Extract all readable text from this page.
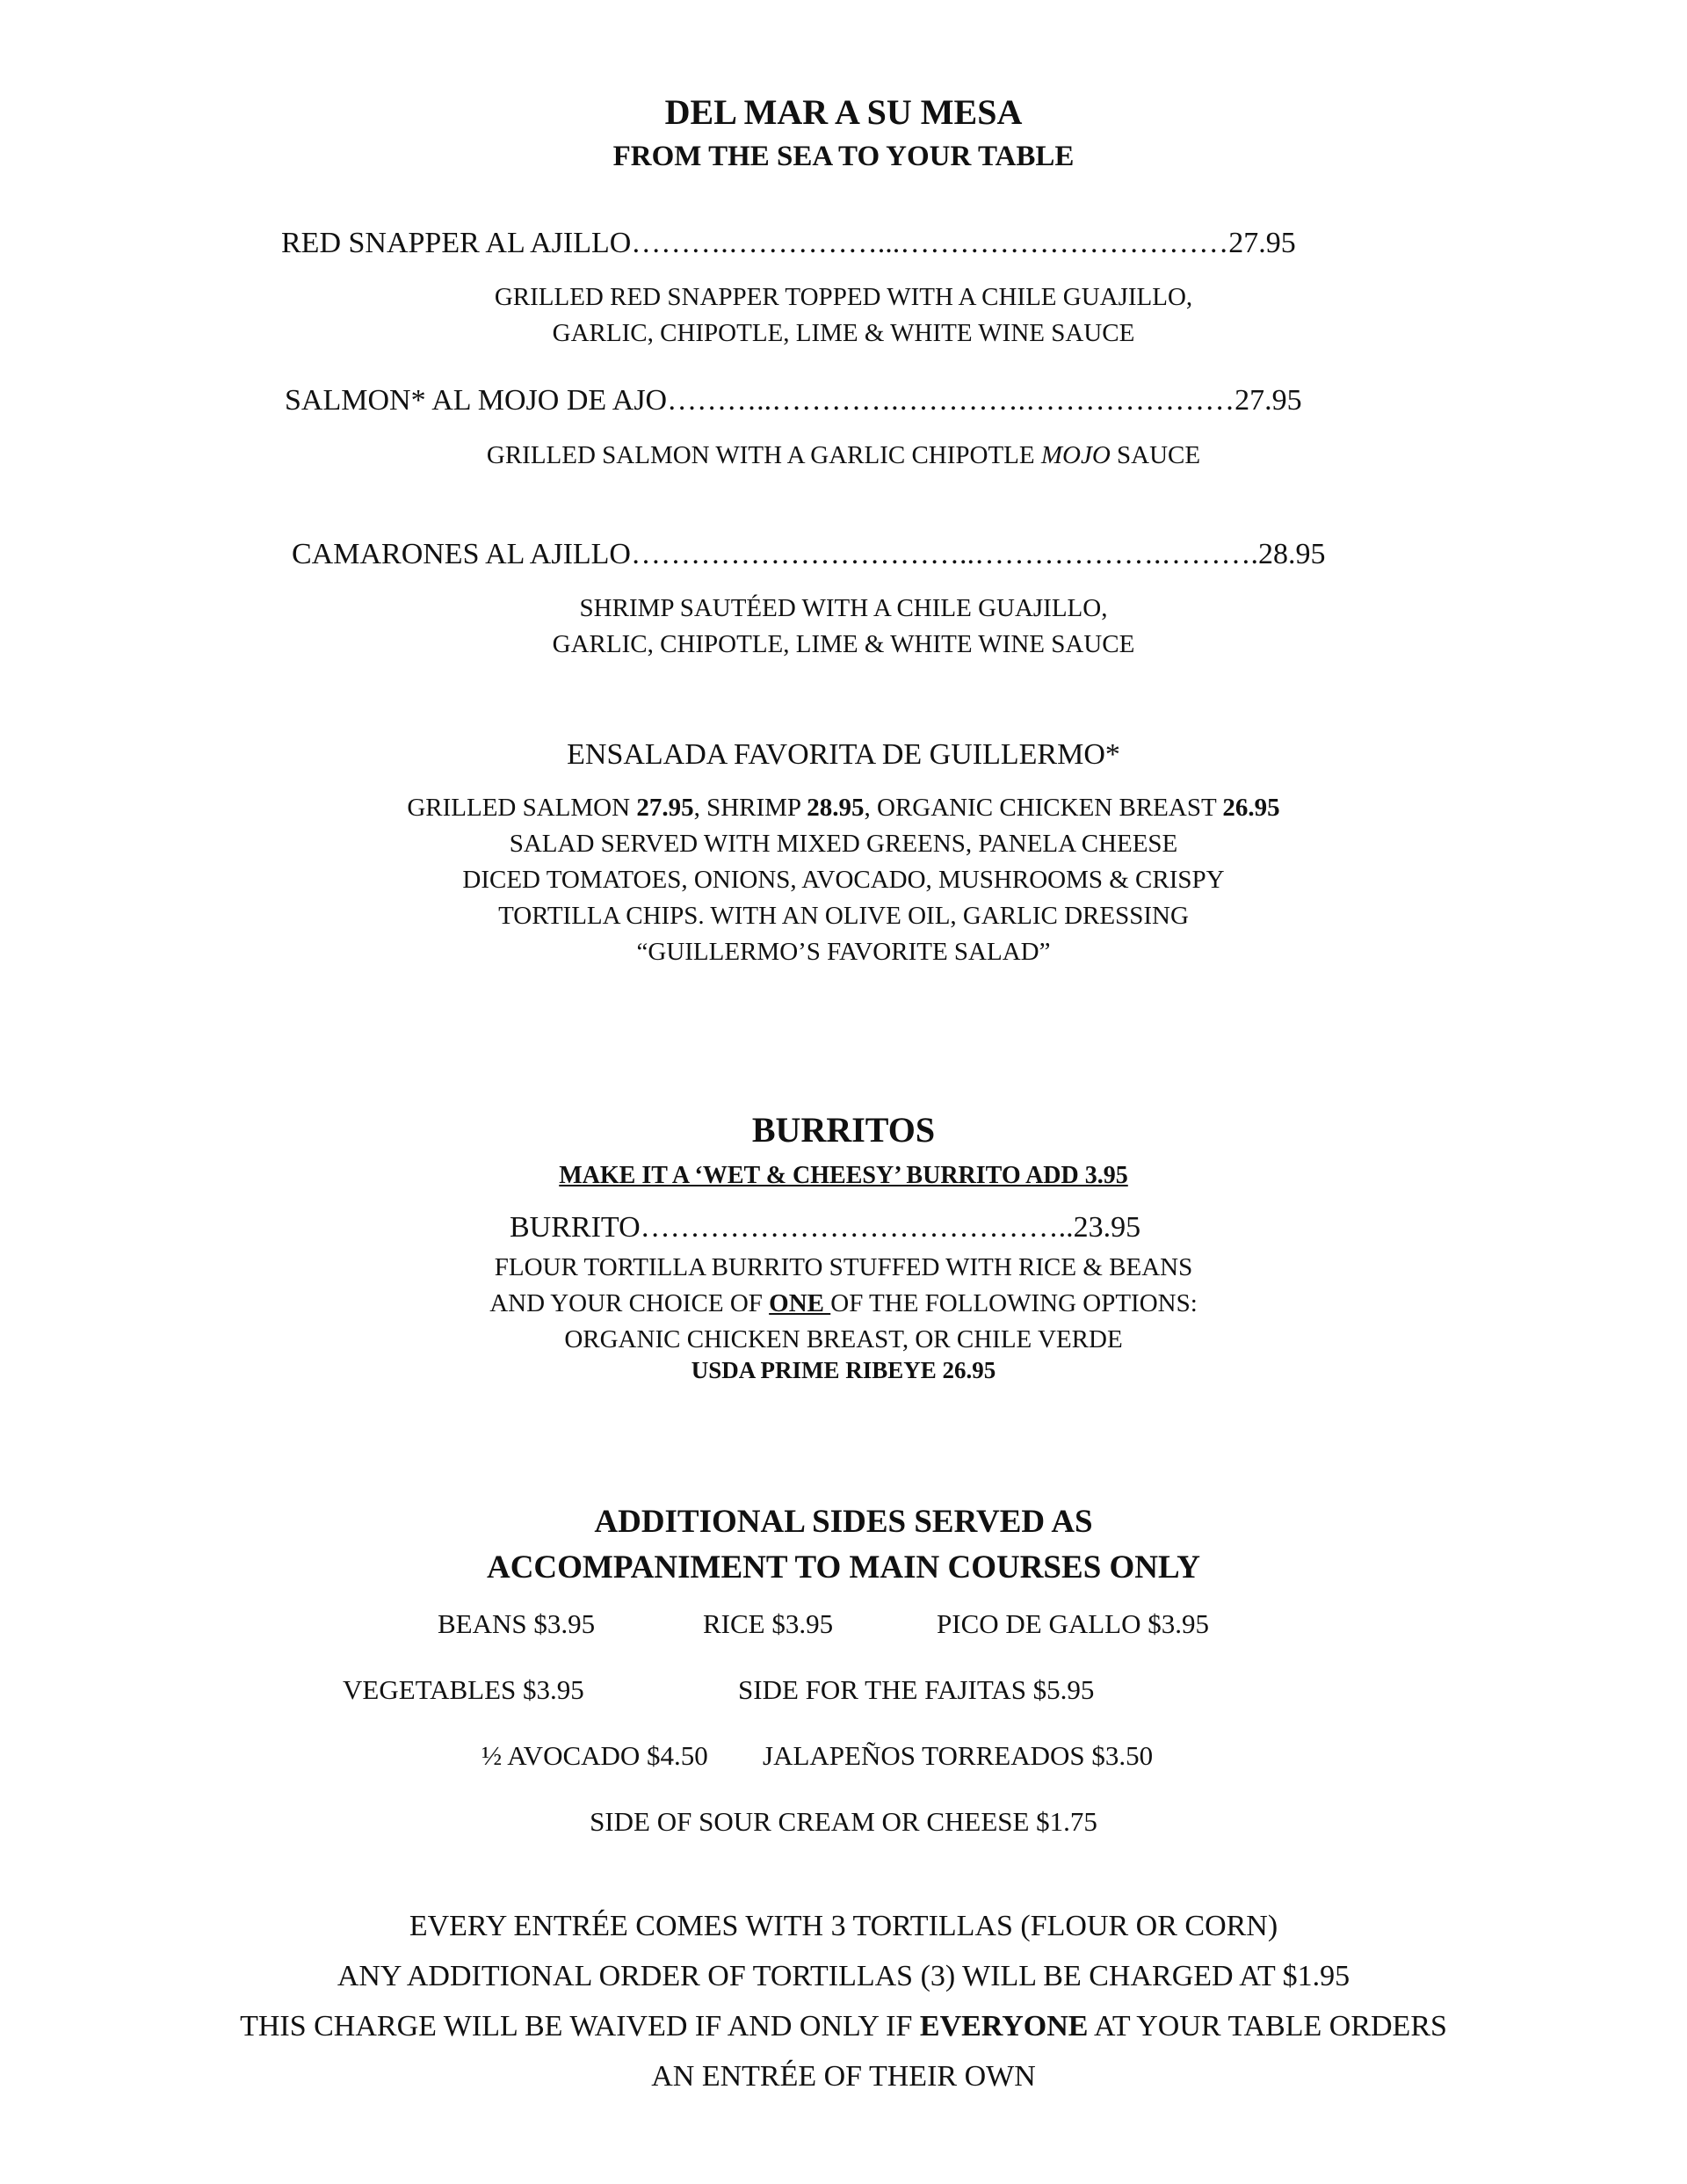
DEL MAR A SU MESA
FROM THE SEA TO YOUR TABLE
RED SNAPPER AL AJILLO……….……………...……………………………27.95
GRILLED RED SNAPPER TOPPED WITH A CHILE GUAJILLO,
GARLIC, CHIPOTLE, LIME & WHITE WINE SAUCE
SALMON* AL MOJO DE AJO………..………….………….…………………27.95
GRILLED SALMON WITH A GARLIC CHIPOTLE MOJO SAUCE
CAMARONES AL AJILLO……………………………..……………….……….28.95
SHRIMP SAUTÉED WITH A CHILE GUAJILLO,
GARLIC, CHIPOTLE, LIME & WHITE WINE SAUCE
ENSALADA FAVORITA DE GUILLERMO*
GRILLED SALMON 27.95, SHRIMP 28.95, ORGANIC CHICKEN BREAST 26.95
SALAD SERVED WITH MIXED GREENS, PANELA CHEESE
DICED TOMATOES, ONIONS, AVOCADO, MUSHROOMS & CRISPY
TORTILLA CHIPS. WITH AN OLIVE OIL, GARLIC DRESSING
“GUILLERMO’S FAVORITE SALAD”
BURRITOS
MAKE IT A ‘WET & CHEESY’ BURRITO ADD 3.95
BURRITO……………………………………..23.95
FLOUR TORTILLA BURRITO STUFFED WITH RICE & BEANS
AND YOUR CHOICE OF ONE OF THE FOLLOWING OPTIONS:
ORGANIC CHICKEN BREAST, OR CHILE VERDE
USDA PRIME RIBEYE 26.95
ADDITIONAL SIDES SERVED AS
ACCOMPANIMENT TO MAIN COURSES ONLY
BEANS $3.95	RICE $3.95	PICO DE GALLO $3.95
VEGETABLES $3.95	SIDE FOR THE FAJITAS $5.95
½ AVOCADO $4.50 JALAPEÑOS TORREADOS $3.50
SIDE OF SOUR CREAM OR CHEESE $1.75
EVERY ENTRÉE COMES WITH 3 TORTILLAS (FLOUR OR CORN)
ANY ADDITIONAL ORDER OF TORTILLAS (3) WILL BE CHARGED AT $1.95
THIS CHARGE WILL BE WAIVED IF AND ONLY IF EVERYONE AT YOUR TABLE ORDERS
AN ENTRÉE OF THEIR OWN
